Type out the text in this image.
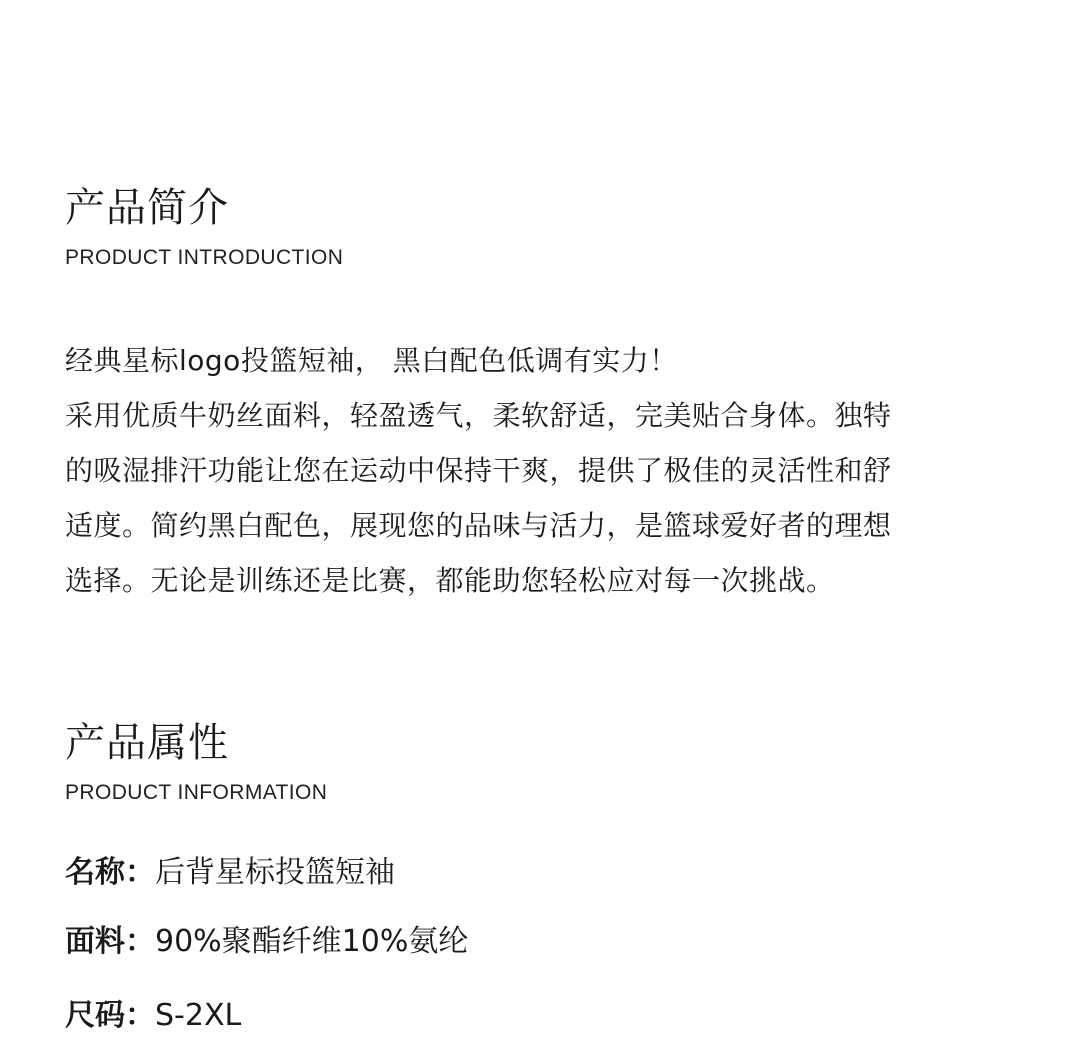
产品简介
PRODUCT INTRODUCTION

经典星标logo投篮短袖， 黑白配色低调有实力！

采用优质牛奶丝面料，轻盈透气，柔软舒适，完美贴合身体。独特

的吸湿排汗功能让您在运动中保持干爽，提供了极佳的灵活性和舒

适度。简约黑白配色，展现您的品味与活力，是篮球爱好者的理想

选择。无论是训练还是比赛，都能助您轻松应对每一次挑战。

产品属性
PRODUCT INFORMATION
名称：后背星标投篮短袖
面料：90%聚酯纤维10%氨纶
尺码：S-2XL
